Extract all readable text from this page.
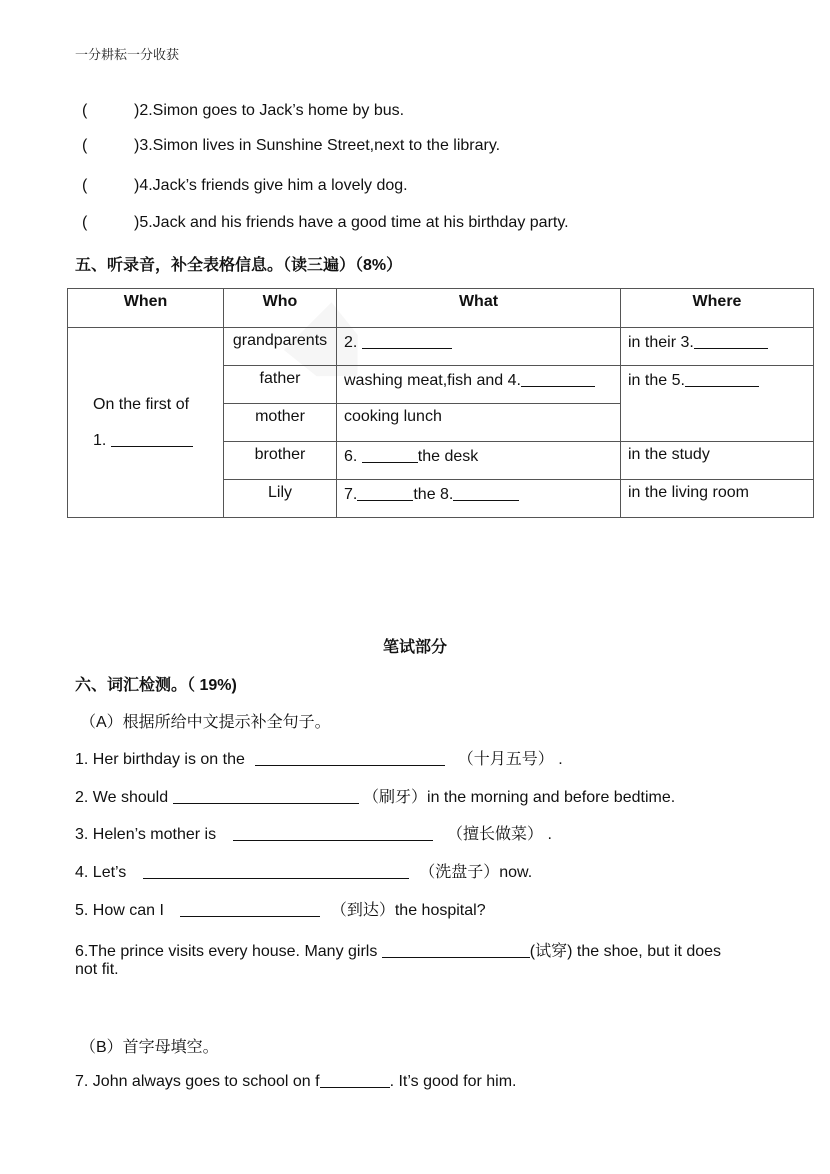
一分耕耘一分收获
(	)2.Simon goes to Jack’s home by bus.
(	)3.Simon lives in Sunshine Street,next to the library.
(	)4.Jack’s friends give him a lovely dog.
(	)5.Jack and his friends have a good time at his birthday party.
五、听录音，补全表格信息。（读三遍）（8%）
When	Who	What	Where

On the first of
1.	grandparents	2.	in their 3.
	father	washing meat,fish and 4.	in the 5.
	mother	cooking lunch	
	brother	6. the desk	in the study
	Lily	7. the 8.	in the living room
笔试部分
六、词汇检测。（ 19%)
（A）根据所给中文提示补全句子。
1. Her birthday is on the	（十月五号） .
2. We should	（刷牙）in the morning and before bedtime.
3. Helen’s mother is	（擅长做菜） .
4. Let’s	（洗盘子）now.
5. How can I	（到达）the hospital?
6.The prince visits every house. Many girls	(试穿) the shoe, but it does
not fit.
（B）首字母填空。
7. John always goes to school on f	. It’s good for him.
